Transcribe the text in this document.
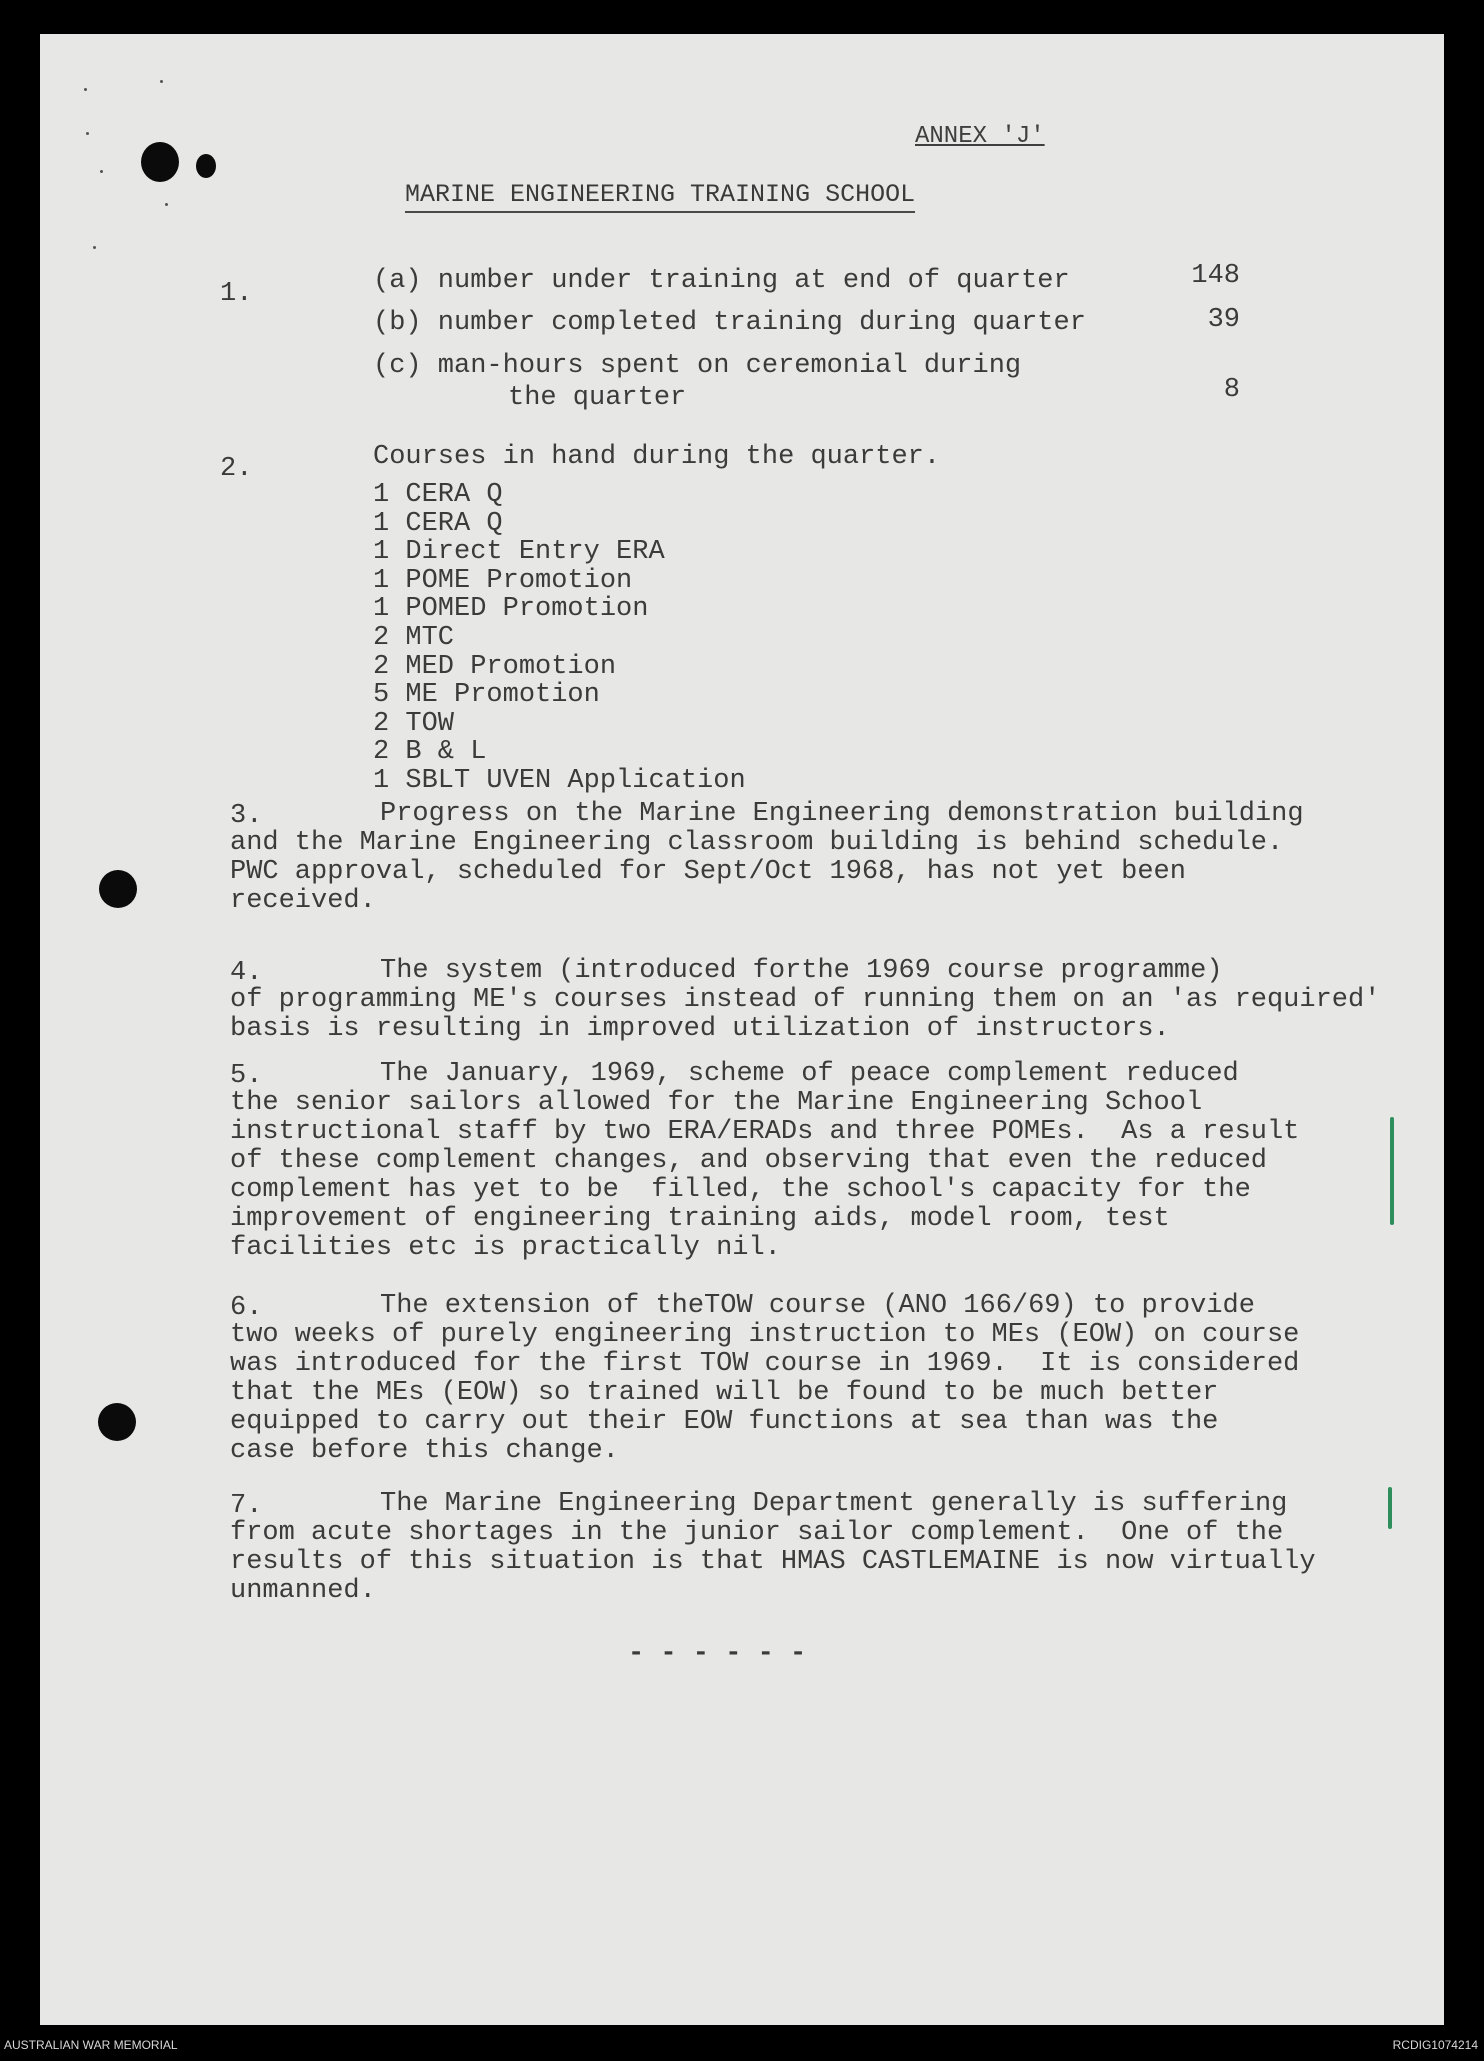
ANNEX 'J'
MARINE ENGINEERING TRAINING SCHOOL
1.	(a) number under training at end of quarter	148
(b) number completed training during quarter	39
(c) man-hours spent on ceremonial during
the quarter	8
2.	Courses in hand during the quarter.
1 CERA Q
1 CERA Q
1 Direct Entry ERA
1 POME Promotion
1 POMED Promotion
2 MTC
2 MED Promotion
5 ME Promotion
2 TOW
2 B & L
1 SBLT UVEN Application
3.	Progress on the Marine Engineering demonstration building
and the Marine Engineering classroom building is behind schedule.
PWC approval, scheduled for Sept/Oct 1968, has not yet been
received.
4.	The system (introduced forthe 1969 course programme)
of programming ME's courses instead of running them on an 'as required'
basis is resulting in improved utilization of instructors.
5.	The January, 1969, scheme of peace complement reduced
the senior sailors allowed for the Marine Engineering School
instructional staff by two ERA/ERADs and three POMEs.  As a result
of these complement changes, and observing that even the reduced
complement has yet to be  filled, the school's capacity for the
improvement of engineering training aids, model room, test
facilities etc is practically nil.
6.	The extension of theTOW course (ANO 166/69) to provide
two weeks of purely engineering instruction to MEs (EOW) on course
was introduced for the first TOW course in 1969.  It is considered
that the MEs (EOW) so trained will be found to be much better
equipped to carry out their EOW functions at sea than was the
case before this change.
7.	The Marine Engineering Department generally is suffering
from acute shortages in the junior sailor complement.  One of the
results of this situation is that HMAS CASTLEMAINE is now virtually
unmanned.
- - - - - -
AUSTRALIAN WAR MEMORIAL	RCDIG1074214
